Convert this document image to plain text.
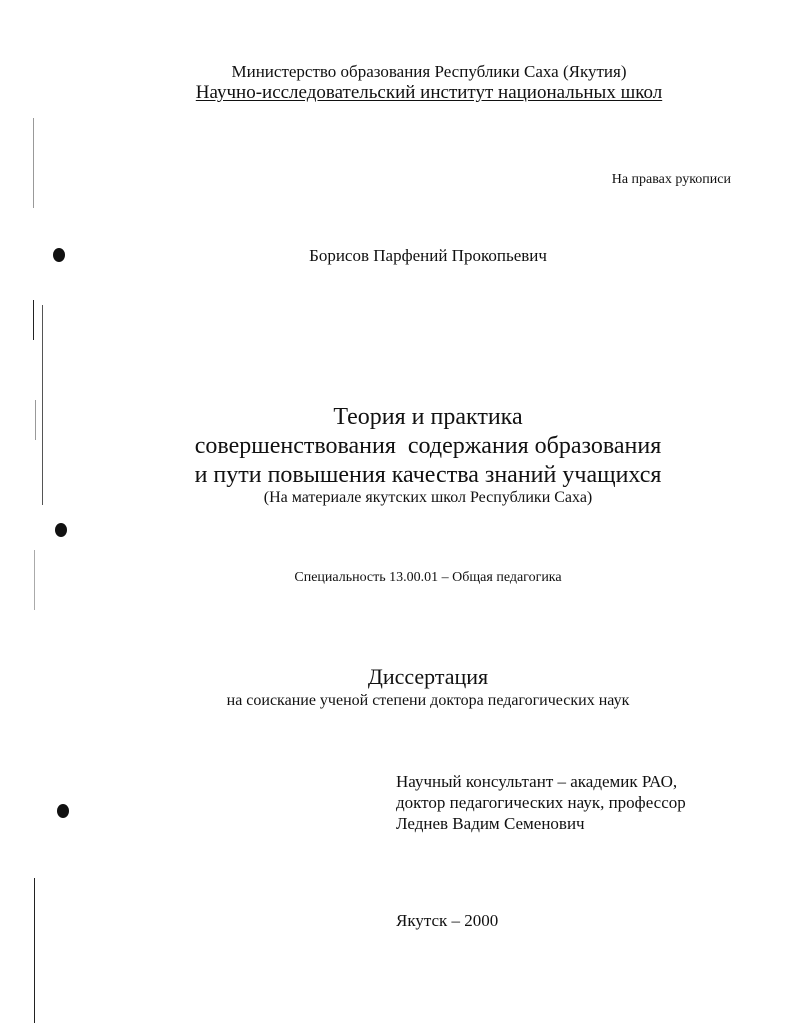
Министерство образования Республики Саха (Якутия)
Научно-исследовательский институт национальных школ
На правах рукописи
Борисов Парфений Прокопьевич
Теория и практика
совершенствования  содержания образования
и пути повышения качества знаний учащихся
(На материале якутских школ Республики Саха)
Специальность 13.00.01 – Общая педагогика
Диссертация
на соискание ученой степени доктора педагогических наук
Научный консультант – академик РАО,
доктор педагогических наук, профессор
Леднев Вадим Семенович
Якутск – 2000
